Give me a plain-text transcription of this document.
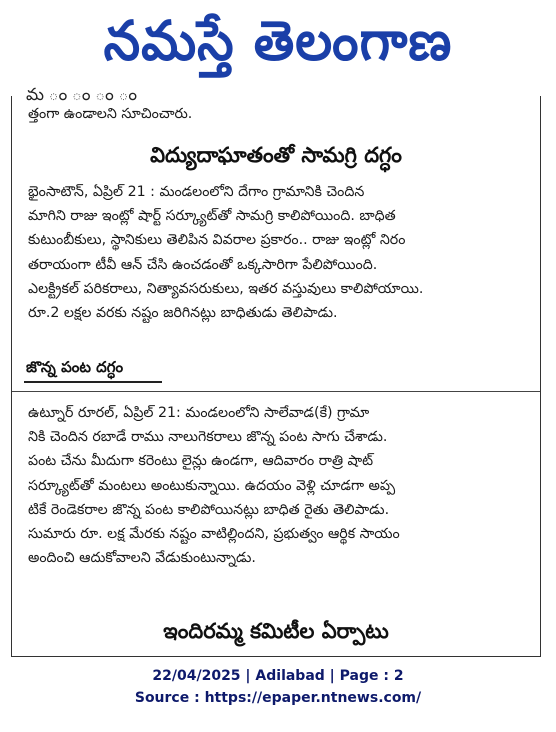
నమస్తే తెలంగాణ
మ ం ం ం ం
త్తంగా ఉండాలని సూచించారు.
విద్యుదాఘాతంతో సామగ్రి దగ్ధం
భైంసాటౌన్, ఏప్రిల్ 21 : మండలంలోని దేగాం గ్రామానికి చెందిన
మాగిని రాజు ఇంట్లో షార్ట్ సర్క్యూట్‌తో సామగ్రి కాలిపోయింది. బాధిత
కుటుంబీకులు, స్థానికులు తెలిపిన వివరాల ప్రకారం.. రాజు ఇంట్లో నిరం
తరాయంగా టీవీ ఆన్ చేసి ఉంచడంతో ఒక్కసారిగా పేలిపోయింది.
ఎలక్ట్రికల్ పరికరాలు, నిత్యావసరుకులు, ఇతర వస్తువులు కాలిపోయాయి.
రూ.2 లక్షల వరకు నష్టం జరిగినట్లు బాధితుడు తెలిపాడు.
జొన్న పంట దగ్ధం
ఉట్నూర్ రూరల్, ఏప్రిల్ 21: మండలంలోని సాలేవాడ(కే) గ్రామా
నికి చెందిన రబాడే రాము నాలుగెకరాలు జొన్న పంట సాగు చేశాడు.
పంట చేను మీదుగా కరెంటు లైన్లు ఉండగా, ఆదివారం రాత్రి షాట్
సర్క్యూట్‌తో మంటలు అంటుకున్నాయి. ఉదయం వెళ్లి చూడగా అప్ప
టికే రెండెకరాల జొన్న పంట కాలిపోయినట్లు బాధిత రైతు తెలిపాడు.
సుమారు రూ. లక్ష మేరకు నష్టం వాటిల్లిందని, ప్రభుత్వం ఆర్థిక సాయం
అందించి ఆదుకోవాలని వేడుకుంటున్నాడు.
ఇందిరమ్మ కమిటీల ఏర్పాటు
22/04/2025 | Adilabad | Page : 2
Source : https://epaper.ntnews.com/
